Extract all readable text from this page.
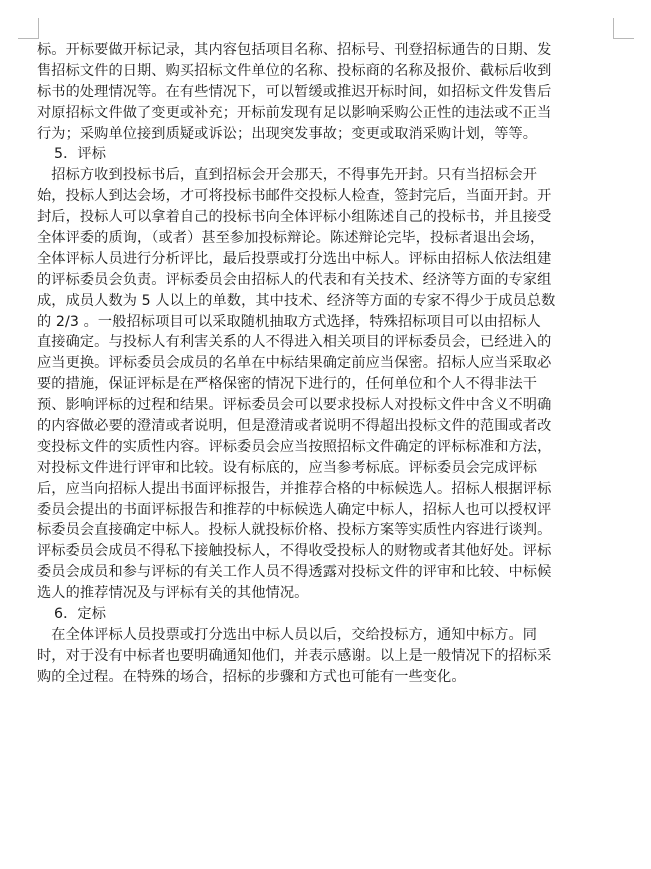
标。开标要做开标记录，其内容包括项目名称、招标号、刊登招标通告的日期、发
售招标文件的日期、购买招标文件单位的名称、投标商的名称及报价、截标后收到
标书的处理情况等。在有些情况下，可以暂缓或推迟开标时间，如招标文件发售后
对原招标文件做了变更或补充；开标前发现有足以影响采购公正性的违法或不正当
行为；采购单位接到质疑或诉讼；出现突发事故；变更或取消采购计划，等等。
5．评标
　招标方收到投标书后，直到招标会开会那天，不得事先开封。只有当招标会开
始，投标人到达会场，才可将投标书邮件交投标人检查，签封完后，当面开封。开
封后，投标人可以拿着自己的投标书向全体评标小组陈述自己的投标书，并且接受
全体评委的质询，（或者）甚至参加投标辩论。陈述辩论完毕，投标者退出会场，
全体评标人员进行分析评比，最后投票或打分选出中标人。评标由招标人依法组建
的评标委员会负责。评标委员会由招标人的代表和有关技术、经济等方面的专家组
成，成员人数为 5 人以上的单数，其中技术、经济等方面的专家不得少于成员总数
的 2/3 。一般招标项目可以采取随机抽取方式选择，特殊招标项目可以由招标人
直接确定。与投标人有利害关系的人不得进入相关项目的评标委员会，已经进入的
应当更换。评标委员会成员的名单在中标结果确定前应当保密。招标人应当采取必
要的措施，保证评标是在严格保密的情况下进行的，任何单位和个人不得非法干
预、影响评标的过程和结果。评标委员会可以要求投标人对投标文件中含义不明确
的内容做必要的澄清或者说明，但是澄清或者说明不得超出投标文件的范围或者改
变投标文件的实质性内容。评标委员会应当按照招标文件确定的评标标准和方法，
对投标文件进行评审和比较。设有标底的，应当参考标底。评标委员会完成评标
后，应当向招标人提出书面评标报告，并推荐合格的中标候选人。招标人根据评标
委员会提出的书面评标报告和推荐的中标候选人确定中标人，招标人也可以授权评
标委员会直接确定中标人。投标人就投标价格、投标方案等实质性内容进行谈判。
评标委员会成员不得私下接触投标人，不得收受投标人的财物或者其他好处。评标
委员会成员和参与评标的有关工作人员不得透露对投标文件的评审和比较、中标候
选人的推荐情况及与评标有关的其他情况。
6．定标
　在全体评标人员投票或打分选出中标人员以后，交给投标方，通知中标方。同
时，对于没有中标者也要明确通知他们，并表示感谢。以上是一般情况下的招标采
购的全过程。在特殊的场合，招标的步骤和方式也可能有一些变化。
